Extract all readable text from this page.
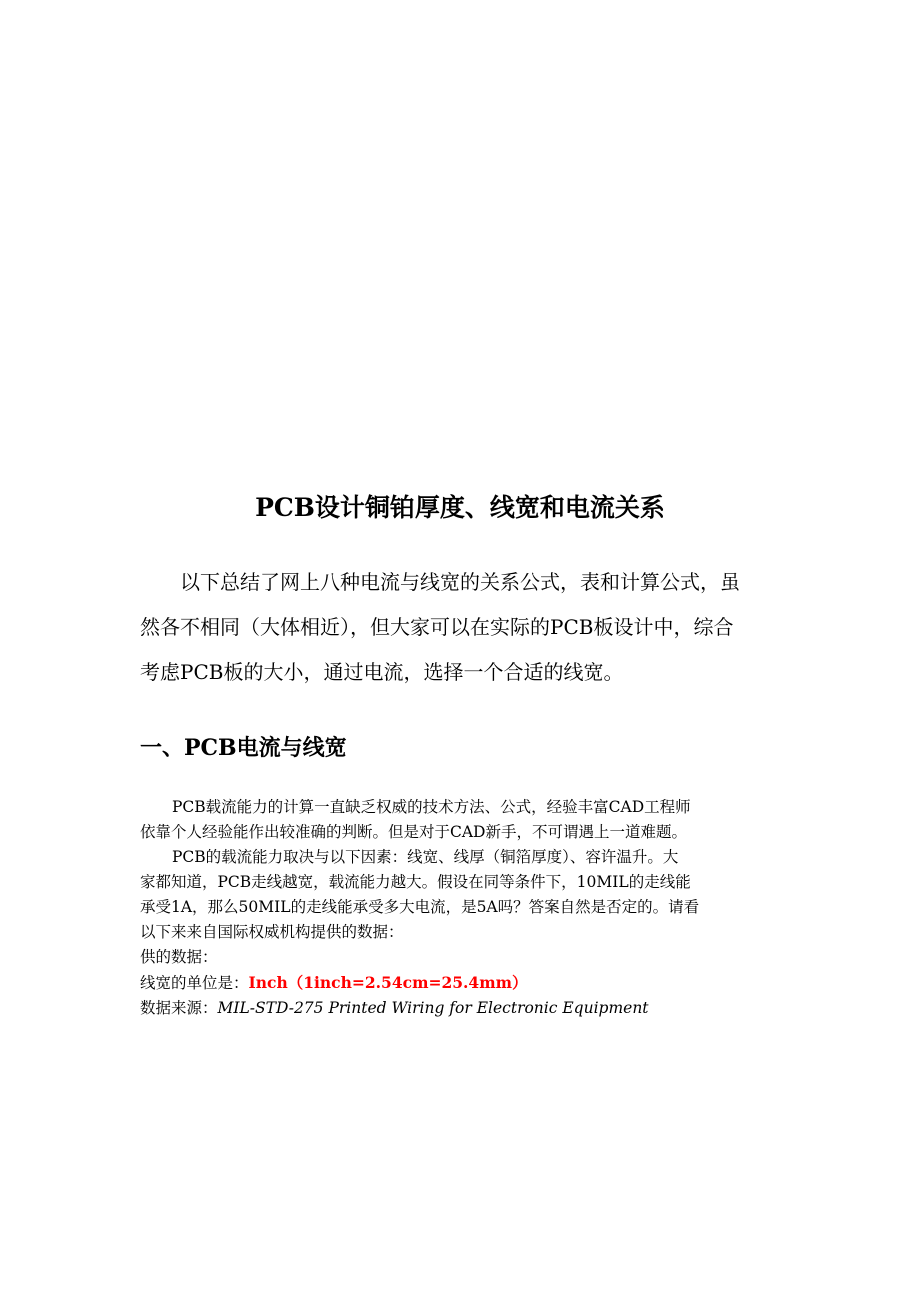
PCB设计铜铂厚度、线宽和电流关系

以下总结了网上八种电流与线宽的关系公式，表和计算公式，虽
然各不相同（大体相近），但大家可以在实际的PCB板设计中，综合
考虑PCB板的大小，通过电流，选择一个合适的线宽。

一、PCB电流与线宽
PCB载流能力的计算一直缺乏权威的技术方法、公式，经验丰富CAD工程师
依靠个人经验能作出较准确的判断。但是对于CAD新手，不可谓遇上一道难题。
PCB的载流能力取决与以下因素：线宽、线厚（铜箔厚度）、容许温升。大
家都知道，PCB走线越宽，载流能力越大。假设在同等条件下，10MIL的走线能
承受1A，那么50MIL的走线能承受多大电流，是5A吗？答案自然是否定的。请看
以下来来自国际权威机构提供的数据：
供的数据：
线宽的单位是：Inch（1inch=2.54cm=25.4mm）
数据来源：MIL-STD-275 Printed Wiring for Electronic Equipment
